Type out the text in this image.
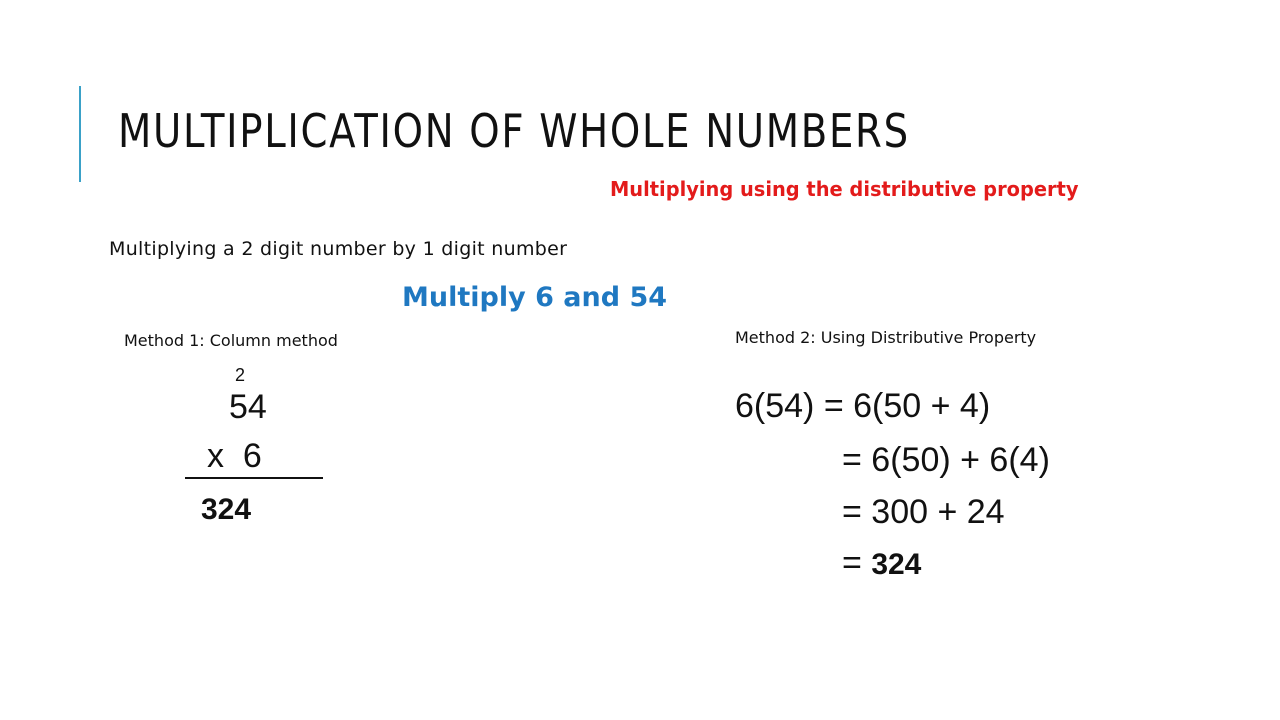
MULTIPLICATION OF WHOLE NUMBERS
Multiplying using the distributive property
Multiplying a 2 digit number by 1 digit number
Multiply 6 and 54
Method 1: Column method
2
54
x  6
324
Method 2: Using Distributive Property
6(54) = 6(50 + 4)
= 6(50) + 6(4)
= 300 + 24
= 324
